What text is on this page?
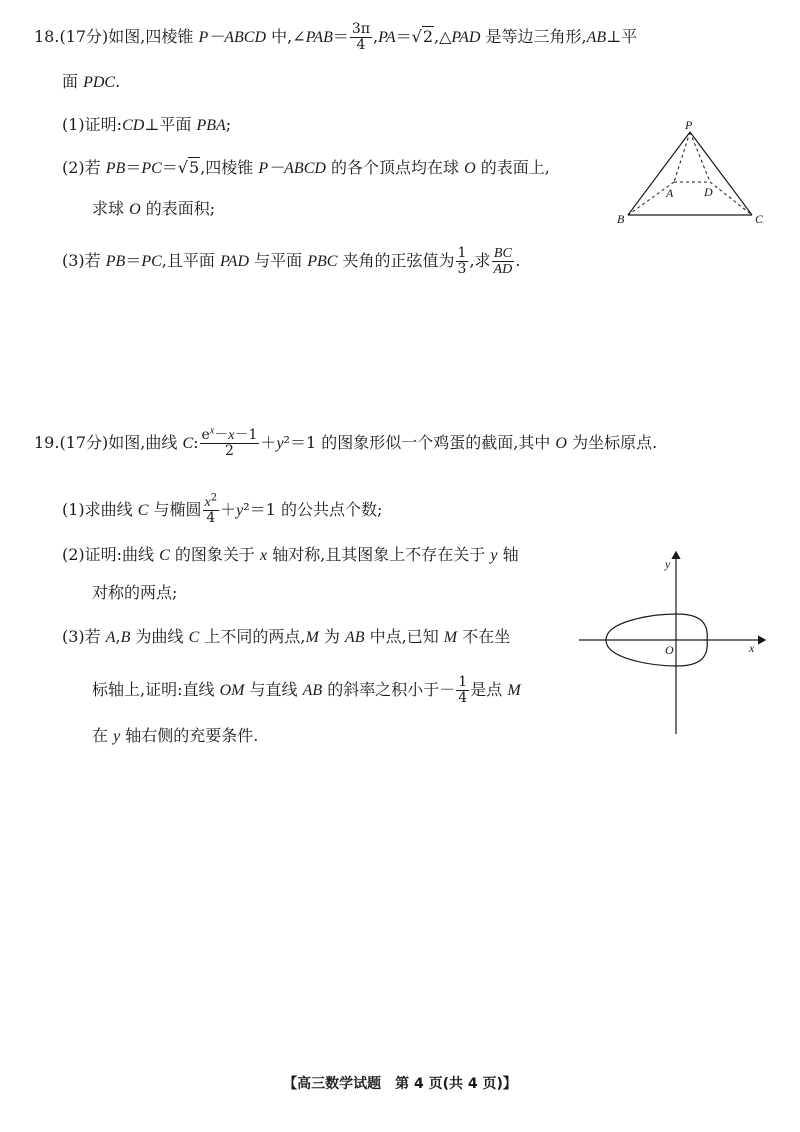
18.(17分)如图,四棱锥 P－ABCD 中,∠PAB＝ $\frac{3\pi}{4}$ ,PA＝√2,△PAD 是等边三角形,AB⊥平
面 PDC.
(1)证明:CD⊥平面 PBA;
(2)若 PB＝PC＝√5,四棱锥 P－ABCD 的各个顶点均在球 O 的表面上,
求球 O 的表面积;
(3)若 PB＝PC,且平面 PAD 与平面 PBC 夹角的正弦值为 $\frac{1}{3}$ ,求 $\frac{BC}{AD}$ .
P
A	D
B	C
19.(17分)如图,曲线 C: $\frac{e^x-x-1}{2} +y^2=1$ 的图象形似一个鸡蛋的截面,其中 O 为坐标原点.
(1)求曲线 C 与椭圆 $\frac{x^2}{4} +y^2=1$ 的公共点个数;
(2)证明:曲线 C 的图象关于 x 轴对称,且其图象上不存在关于 y 轴
对称的两点;
(3)若 A,B 为曲线 C 上不同的两点,M 为 AB 中点,已知 M 不在坐
标轴上,证明:直线 OM 与直线 AB 的斜率之积小于－ $\frac{1}{4}$ 是点 M
在 y 轴右侧的充要条件.
y
x
O
【高三数学试题　第 4 页(共 4 页)】
